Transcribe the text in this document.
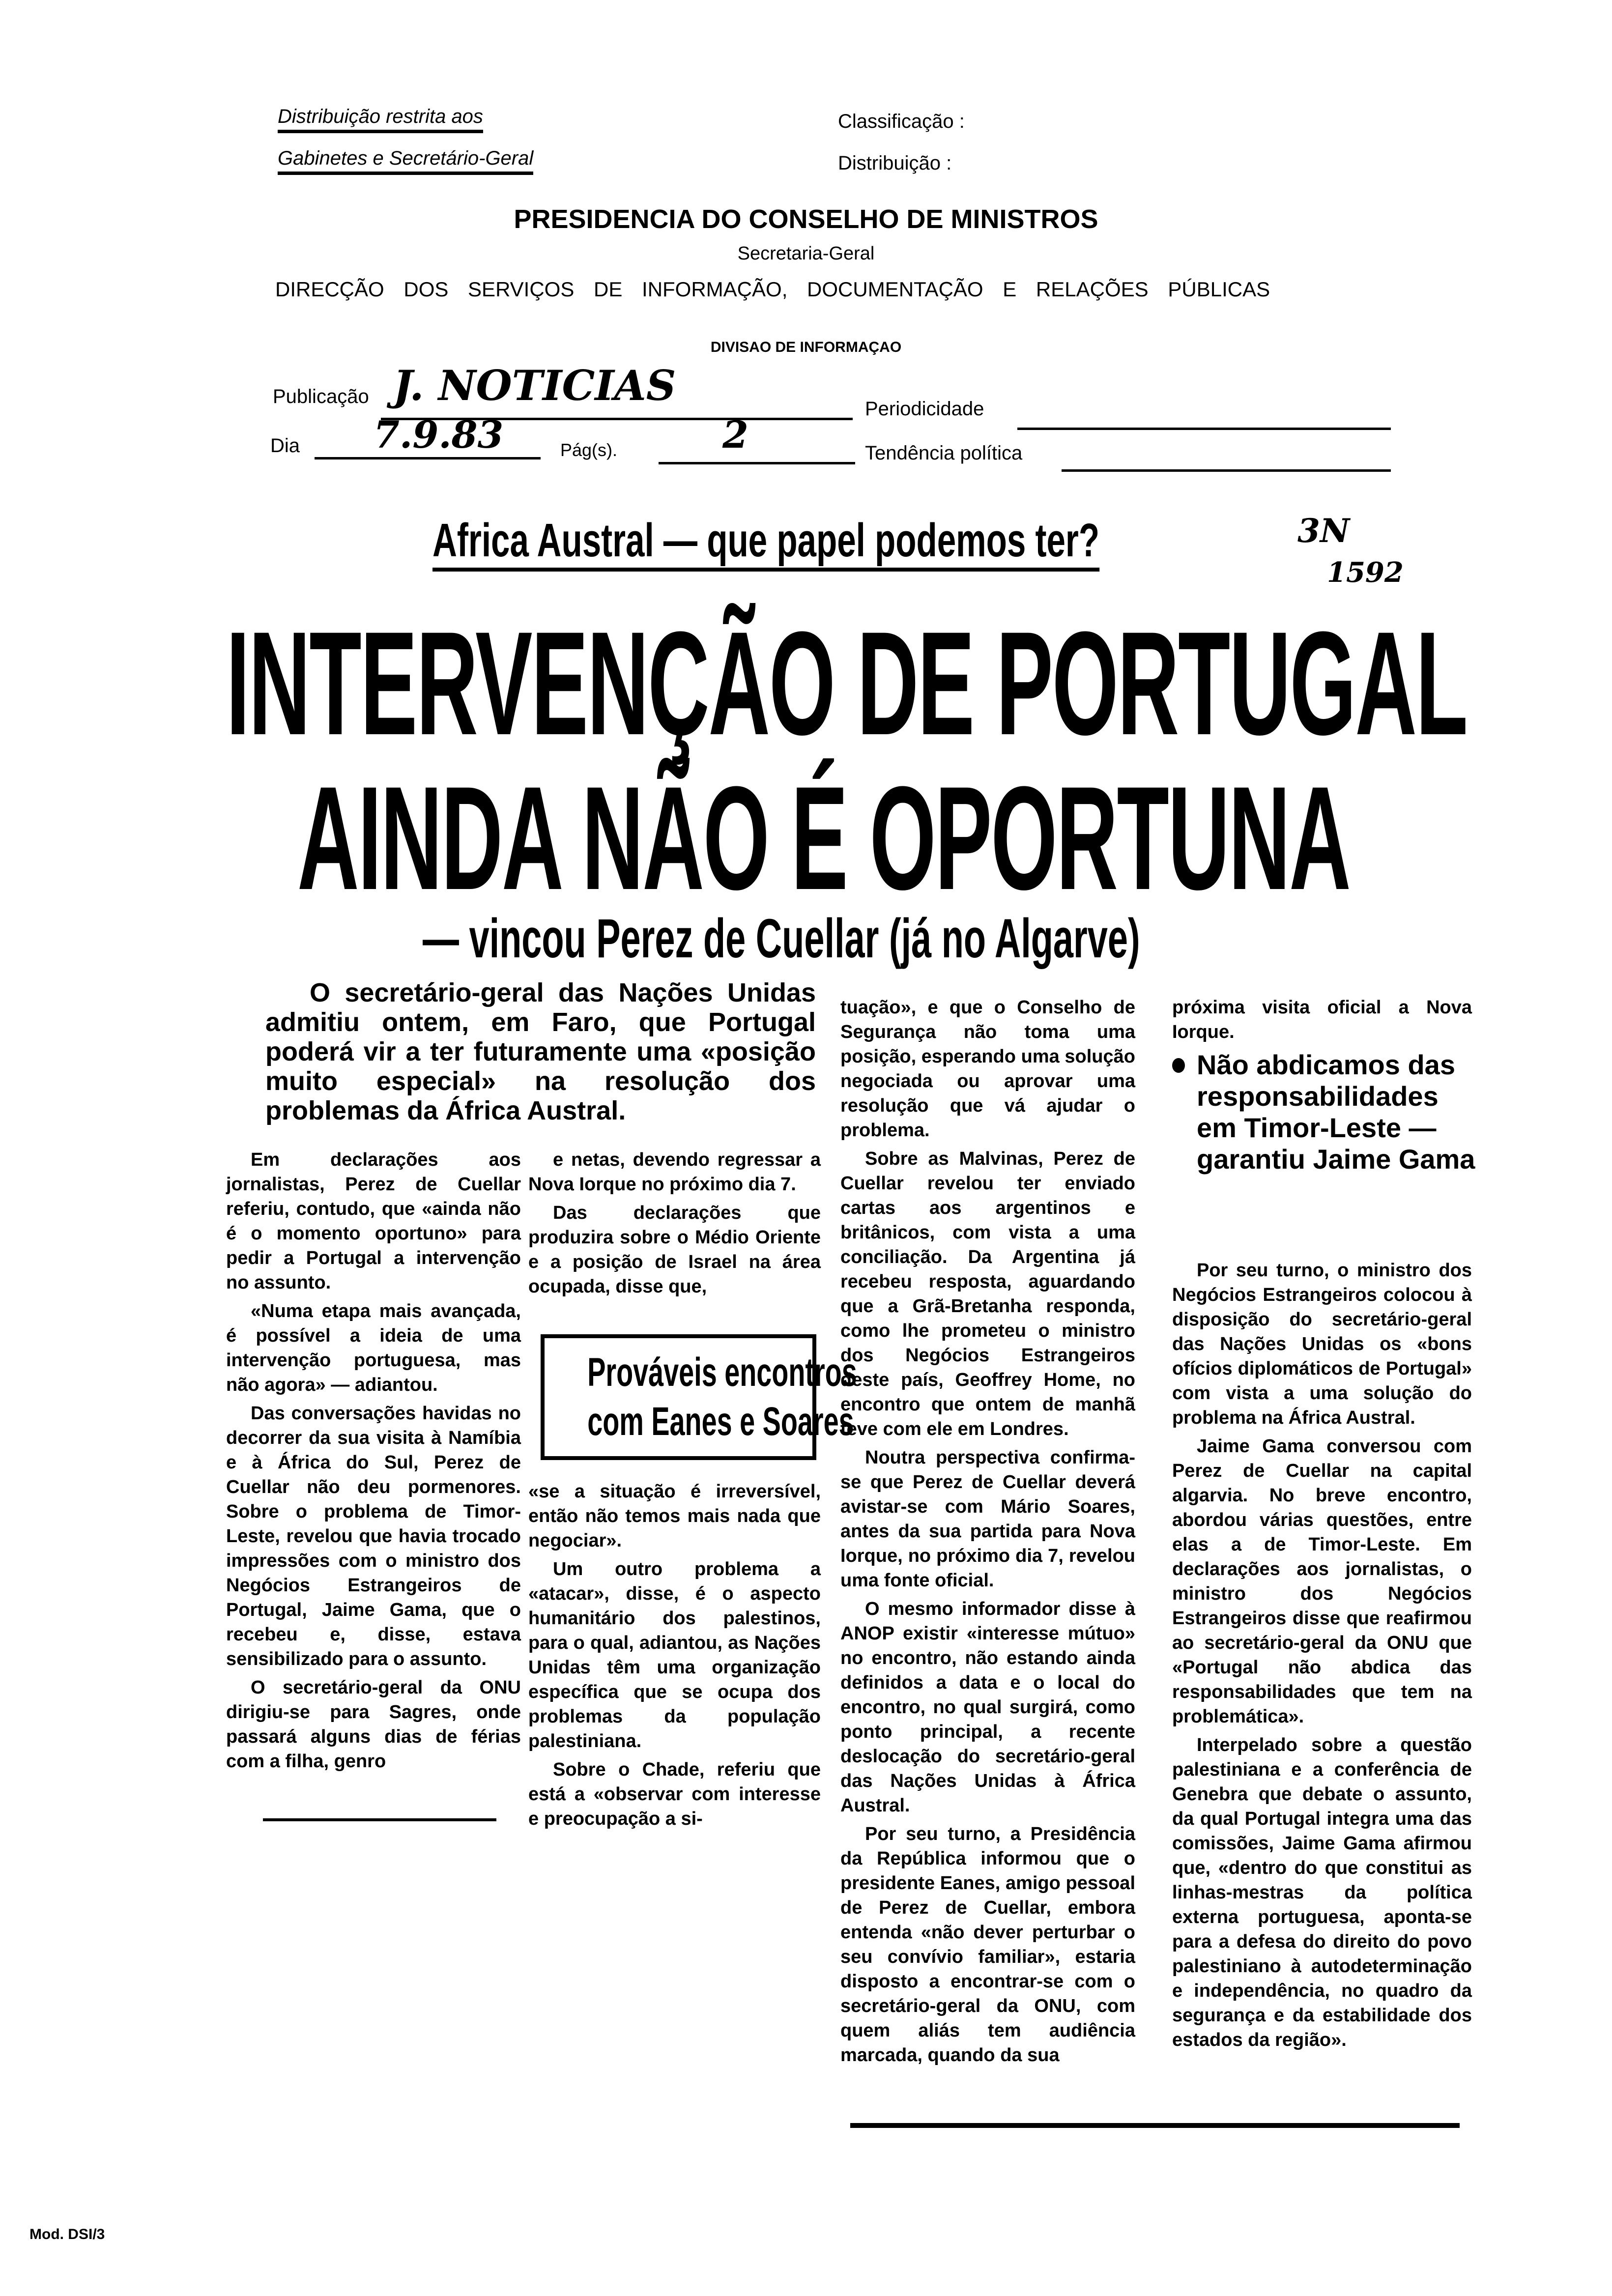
Distribuição restrita aos
Gabinetes e Secretário-Geral
Classificação :
Distribuição :
PRESIDENCIA DO CONSELHO DE MINISTROS
Secretaria-Geral
DIRECÇÃO DOS SERVIÇOS DE INFORMAÇÃO, DOCUMENTAÇÃO E RELAÇÕES PÚBLICAS
DIVISAO DE INFORMAÇAO
Publicação J. NOTICIAS	Periodicidade
Dia 7.9.83	Pág(s).	2	Tendência política
Africa Austral — que papel podemos ter?	3N
1592
INTERVENÇÃO DE PORTUGAL
AINDA NÃO É OPORTUNA
— vincou Perez de Cuellar (já no Algarve)
O secretário-geral das Nações Unidas admitiu ontem, em Faro, que Portugal poderá vir a ter futuramente uma «posição muito especial» na resolução dos problemas da África Austral.

Em declarações aos jornalistas, Perez de Cuellar referiu, contudo, que «ainda não é o momento oportuno» para pedir a Portugal a intervenção no assunto.

«Numa etapa mais avançada, é possível a ideia de uma intervenção portuguesa, mas não agora» — adiantou.

Das conversações havidas no decorrer da sua visita à Namíbia e à África do Sul, Perez de Cuellar não deu pormenores. Sobre o problema de Timor-Leste, revelou que havia trocado impressões com o ministro dos Negócios Estrangeiros de Portugal, Jaime Gama, que o recebeu e, disse, estava sensibilizado para o assunto.

O secretário-geral da ONU dirigiu-se para Sagres, onde passará alguns dias de férias com a filha, genro

e netas, devendo regressar a Nova Iorque no próximo dia 7.

Das declarações que produzira sobre o Médio Oriente e a posição de Israel na área ocupada, disse que,

Prováveis encontros
com Eanes e Soares

«se a situação é irreversível, então não temos mais nada que negociar».

Um outro problema a «atacar», disse, é o aspecto humanitário dos palestinos, para o qual, adiantou, as Nações Unidas têm uma organização específica que se ocupa dos problemas da população palestiniana.

Sobre o Chade, referiu que está a «observar com interesse e preocupação a si-

tuação», e que o Conselho de Segurança não toma uma posição, esperando uma solução negociada ou aprovar uma resolução que vá ajudar o problema.

Sobre as Malvinas, Perez de Cuellar revelou ter enviado cartas aos argentinos e britânicos, com vista a uma conciliação. Da Argentina já recebeu resposta, aguardando que a Grã-Bretanha responda, como lhe prometeu o ministro dos Negócios Estrangeiros deste país, Geoffrey Home, no encontro que ontem de manhã teve com ele em Londres.

Noutra perspectiva confirma-se que Perez de Cuellar deverá avistar-se com Mário Soares, antes da sua partida para Nova Iorque, no próximo dia 7, revelou uma fonte oficial.

O mesmo informador disse à ANOP existir «interesse mútuo» no encontro, não estando ainda definidos a data e o local do encontro, no qual surgirá, como ponto principal, a recente deslocação do secretário-geral das Nações Unidas à África Austral.

Por seu turno, a Presidência da República informou que o presidente Eanes, amigo pessoal de Perez de Cuellar, embora entenda «não dever perturbar o seu convívio familiar», estaria disposto a encontrar-se com o secretário-geral da ONU, com quem aliás tem audiência marcada, quando da sua

próxima visita oficial a Nova Iorque.

Não abdicamos das responsabilidades em Timor-Leste — garantiu Jaime Gama

Por seu turno, o ministro dos Negócios Estrangeiros colocou à disposição do secretário-geral das Nações Unidas os «bons ofícios diplomáticos de Portugal» com vista a uma solução do problema na África Austral.

Jaime Gama conversou com Perez de Cuellar na capital algarvia. No breve encontro, abordou várias questões, entre elas a de Timor-Leste. Em declarações aos jornalistas, o ministro dos Negócios Estrangeiros disse que reafirmou ao secretário-geral da ONU que «Portugal não abdica das responsabilidades que tem na problemática».

Interpelado sobre a questão palestiniana e a conferência de Genebra que debate o assunto, da qual Portugal integra uma das comissões, Jaime Gama afirmou que, «dentro do que constitui as linhas-mestras da política externa portuguesa, aponta-se para a defesa do direito do povo palestiniano à autodeterminação e independência, no quadro da segurança e da estabilidade dos estados da região».

Mod. DSI/3
